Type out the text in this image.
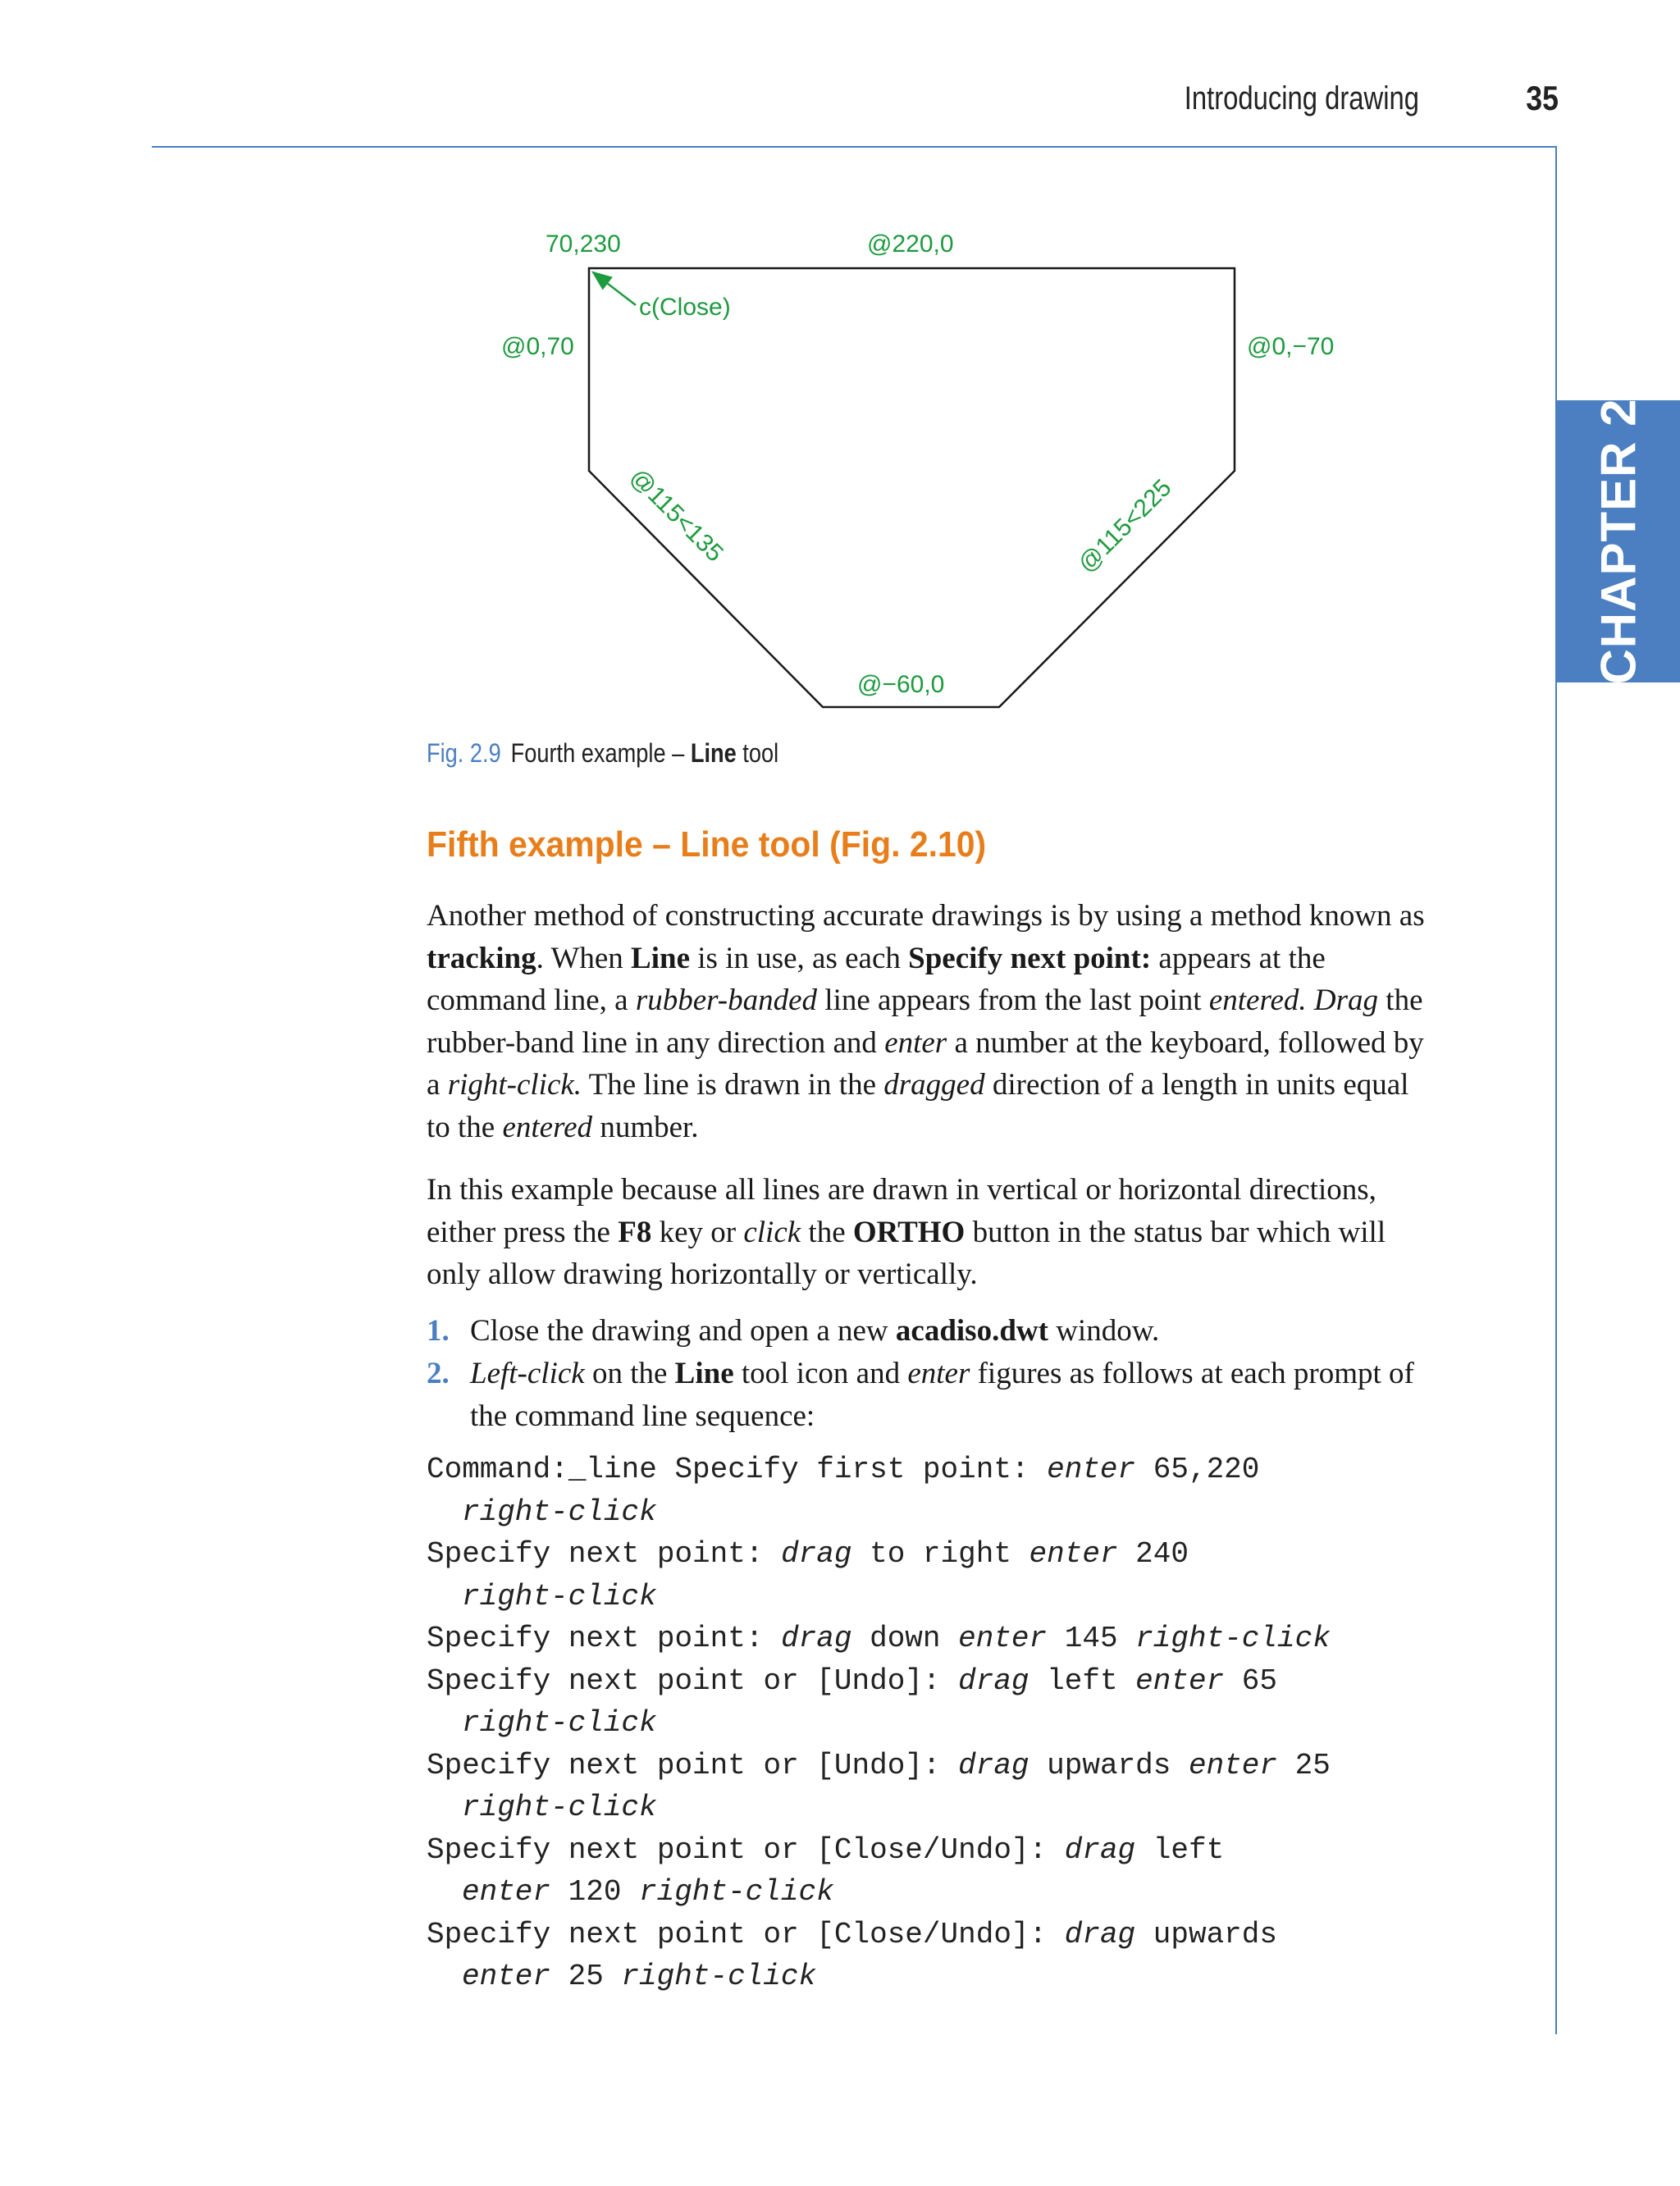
Introducing drawing	35
CHAPTER 2
70,230	@220,0
c(Close)
@0,70	@0,−70
@115<135	@115<225
@−60,0
Fig. 2.9 Fourth example – Line tool
Fifth example – Line tool (Fig. 2.10)

Another method of constructing accurate drawings is by using a method known as tracking. When Line is in use, as each Specify next point: appears at the command line, a rubber-banded line appears from the last point entered. Drag the rubber-band line in any direction and enter a number at the keyboard, followed by a right-click. The line is drawn in the dragged direction of a length in units equal to the entered number.

In this example because all lines are drawn in vertical or horizontal directions, either press the F8 key or click the ORTHO button in the status bar which will only allow drawing horizontally or vertically.

1. Close the drawing and open a new acadiso.dwt window.
2. Left-click on the Line tool icon and enter figures as follows at each prompt of the command line sequence:
Command:_line Specify first point: enter 65,220
right-click
Specify next point: drag to right enter 240
right-click
Specify next point: drag down enter 145 right-click
Specify next point or [Undo]: drag left enter 65
right-click
Specify next point or [Undo]: drag upwards enter 25
right-click
Specify next point or [Close/Undo]: drag left
enter 120 right-click
Specify next point or [Close/Undo]: drag upwards
enter 25 right-click
